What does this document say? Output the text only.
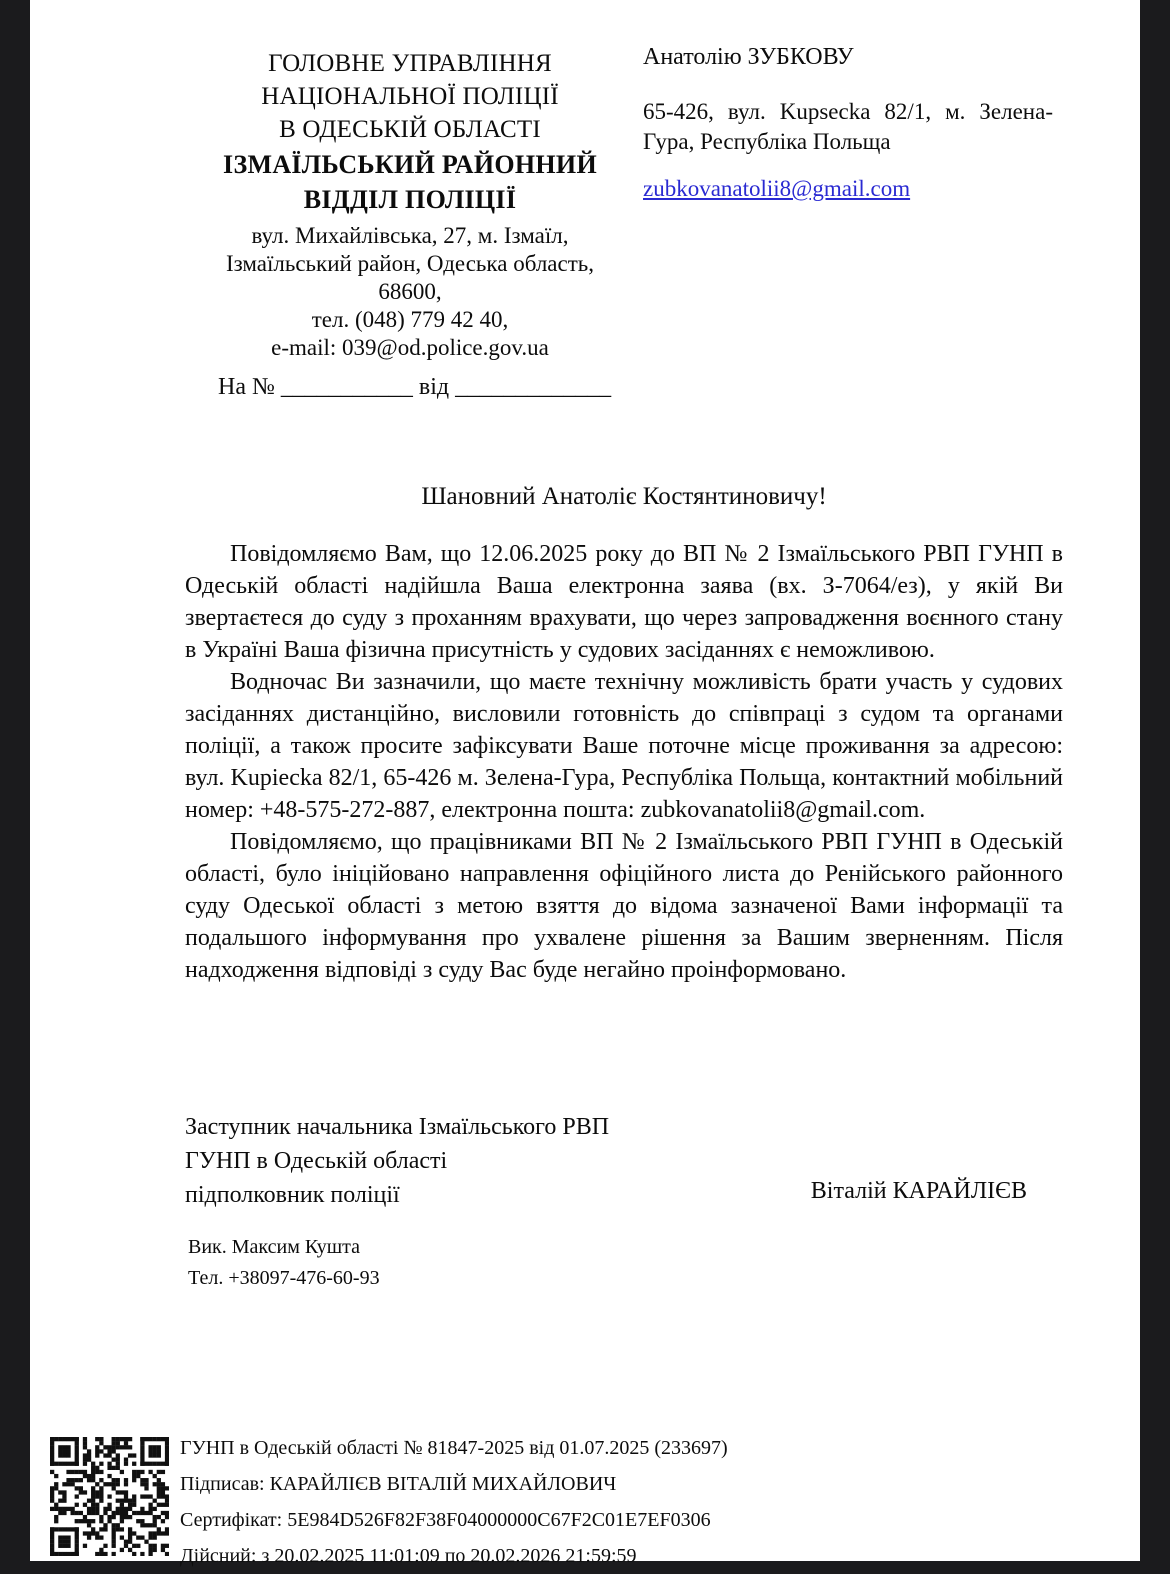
ГОЛОВНЕ УПРАВЛІННЯ
НАЦІОНАЛЬНОЇ ПОЛІЦІЇ
В ОДЕСЬКІЙ ОБЛАСТІ
ІЗМАЇЛЬСЬКИЙ РАЙОННИЙ
ВІДДІЛ ПОЛІЦІЇ
вул. Михайлівська, 27, м. Ізмаїл,
Ізмаїльський район, Одеська область,
68600,
тел. (048) 779 42 40,
e-mail: 039@od.police.gov.ua
На № ___________ від _____________
Анатолію ЗУБКОВУ
65-426, вул. Kupsecka 82/1, м. Зелена-
Гура, Республіка Польща
zubkovanatolii8@gmail.com
Шановний Анатоліє Костянтиновичу!

Повідомляємо Вам, що 12.06.2025 року до ВП № 2 Ізмаїльського РВП ГУНП в Одеській області надійшла Ваша електронна заява (вх. З-7064/ез), у якій Ви звертаєтеся до суду з проханням врахувати, що через запровадження воєнного стану в Україні Ваша фізична присутність у судових засіданнях є неможливою.

Водночас Ви зазначили, що маєте технічну можливість брати участь у судових засіданнях дистанційно, висловили готовність до співпраці з судом та органами поліції, а також просите зафіксувати Ваше поточне місце проживання за адресою: вул. Kupiecka 82/1, 65-426 м. Зелена-Гура, Республіка Польща, контактний мобільний номер: +48-575-272-887, електронна пошта: zubkovanatolii8@gmail.com.

Повідомляємо, що працівниками ВП № 2 Ізмаїльського РВП ГУНП в Одеській області, було ініційовано направлення офіційного листа до Ренійського районного суду Одеської області з метою взяття до відома зазначеної Вами інформації та подальшого інформування про ухвалене рішення за Вашим зверненням. Після надходження відповіді з суду Вас буде негайно проінформовано.

Заступник начальника Ізмаїльського РВП
ГУНП в Одеській області
підполковник поліції	Віталій КАРАЙЛІЄВ
Вик. Максим Кушта
Тел. +38097-476-60-93
ГУНП в Одеській області № 81847-2025 від 01.07.2025 (233697)
Підписав: КАРАЙЛІЄВ ВІТАЛІЙ МИХАЙЛОВИЧ
Сертифікат: 5E984D526F82F38F04000000C67F2C01E7EF0306
Дійсний: з 20.02.2025 11:01:09 по 20.02.2026 21:59:59
